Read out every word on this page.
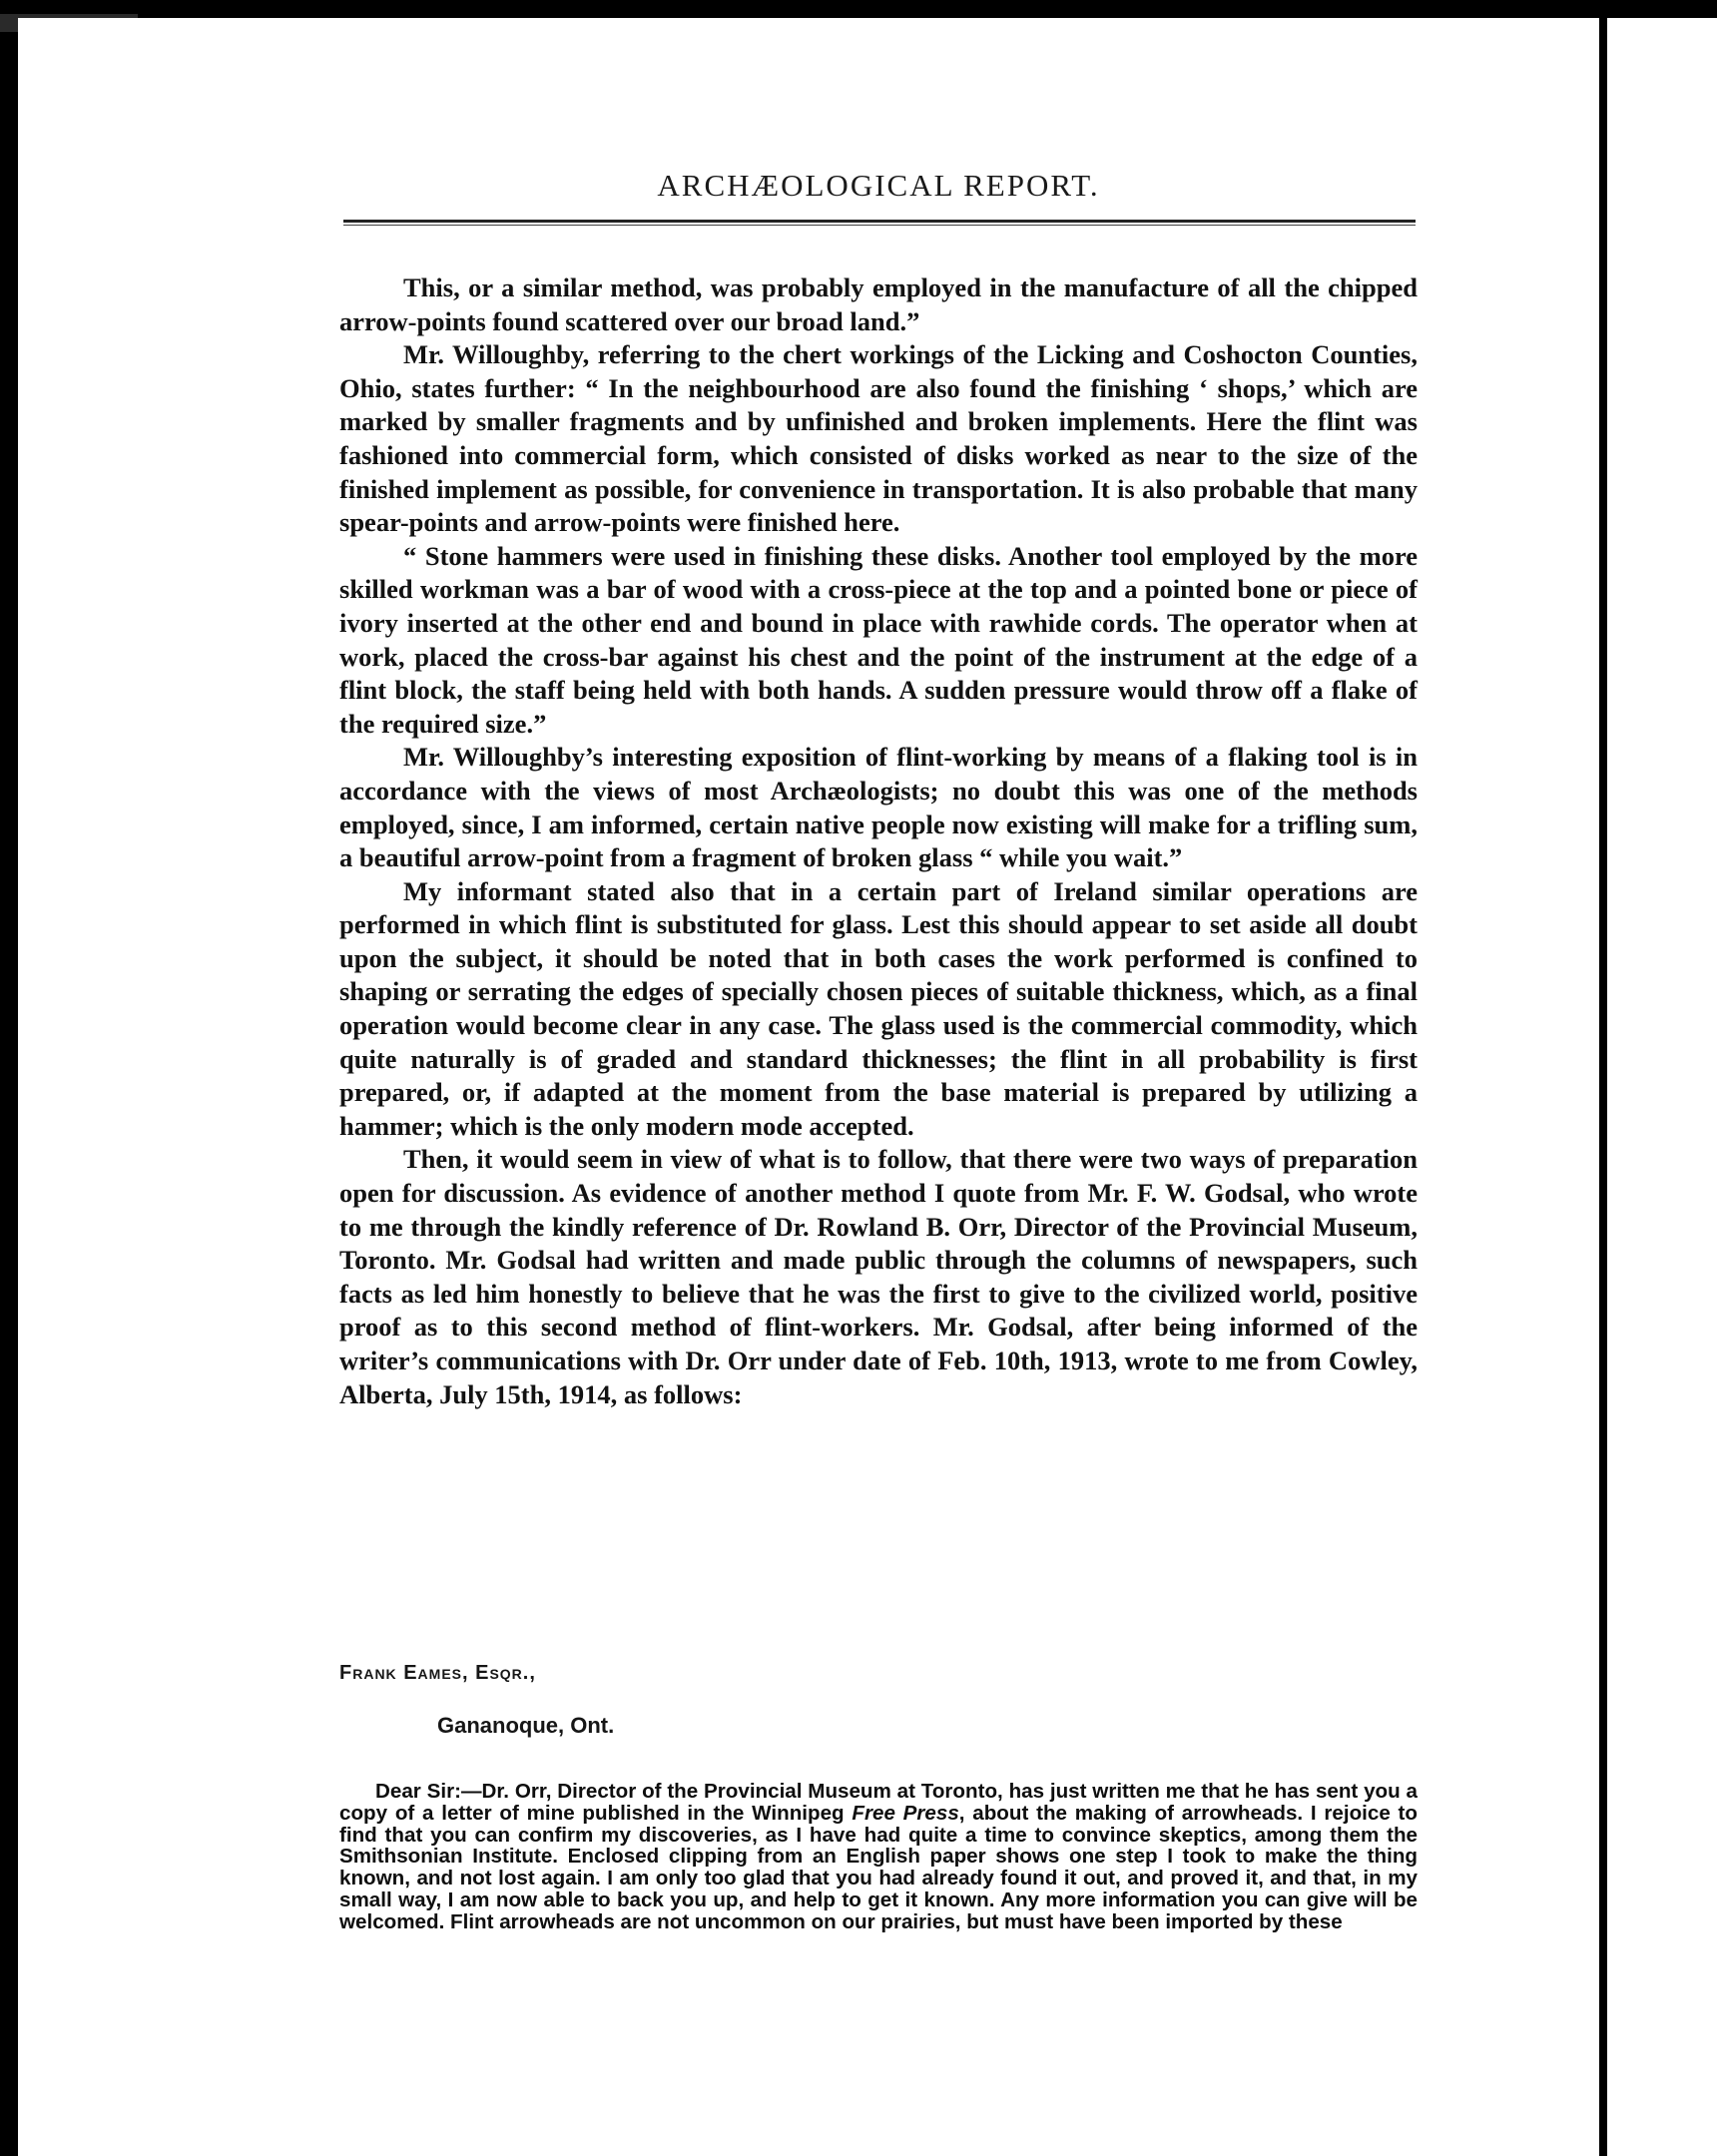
ARCHÆOLOGICAL REPORT.

This, or a similar method, was probably employed in the manufacture of all the chipped arrow-points found scattered over our broad land.”

Mr. Willoughby, referring to the chert workings of the Licking and Coshocton Counties, Ohio, states further: “ In the neighbourhood are also found the finishing ‘ shops,’ which are marked by smaller fragments and by unfinished and broken implements. Here the flint was fashioned into commercial form, which consisted of disks worked as near to the size of the finished implement as possible, for convenience in transportation. It is also probable that many spear-points and arrow-points were finished here.

“ Stone hammers were used in finishing these disks. Another tool employed by the more skilled workman was a bar of wood with a cross-piece at the top and a pointed bone or piece of ivory inserted at the other end and bound in place with rawhide cords. The operator when at work, placed the cross-bar against his chest and the point of the instrument at the edge of a flint block, the staff being held with both hands. A sudden pressure would throw off a flake of the required size.”

Mr. Willoughby’s interesting exposition of flint-working by means of a flaking tool is in accordance with the views of most Archæologists; no doubt this was one of the methods employed, since, I am informed, certain native people now existing will make for a trifling sum, a beautiful arrow-point from a fragment of broken glass “ while you wait.”

My informant stated also that in a certain part of Ireland similar operations are performed in which flint is substituted for glass. Lest this should appear to set aside all doubt upon the subject, it should be noted that in both cases the work performed is confined to shaping or serrating the edges of specially chosen pieces of suitable thickness, which, as a final operation would become clear in any case. The glass used is the commercial commodity, which quite naturally is of graded and standard thicknesses; the flint in all probability is first prepared, or, if adapted at the moment from the base material is prepared by utilizing a hammer; which is the only modern mode accepted.

Then, it would seem in view of what is to follow, that there were two ways of preparation open for discussion. As evidence of another method I quote from Mr. F. W. Godsal, who wrote to me through the kindly reference of Dr. Rowland B. Orr, Director of the Provincial Museum, Toronto. Mr. Godsal had written and made public through the columns of newspapers, such facts as led him honestly to believe that he was the first to give to the civilized world, positive proof as to this second method of flint-workers. Mr. Godsal, after being informed of the writer’s communications with Dr. Orr under date of Feb. 10th, 1913, wrote to me from Cowley, Alberta, July 15th, 1914, as follows:

Frank Eames, Esqr.,

Gananoque, Ont.

Dear Sir:—Dr. Orr, Director of the Provincial Museum at Toronto, has just written me that he has sent you a copy of a letter of mine published in the Winnipeg Free Press, about the making of arrowheads. I rejoice to find that you can confirm my discoveries, as I have had quite a time to convince skeptics, among them the Smithsonian Institute. Enclosed clipping from an English paper shows one step I took to make the thing known, and not lost again. I am only too glad that you had already found it out, and proved it, and that, in my small way, I am now able to back you up, and help to get it known. Any more information you can give will be welcomed. Flint arrowheads are not uncommon on our prairies, but must have been imported by these
